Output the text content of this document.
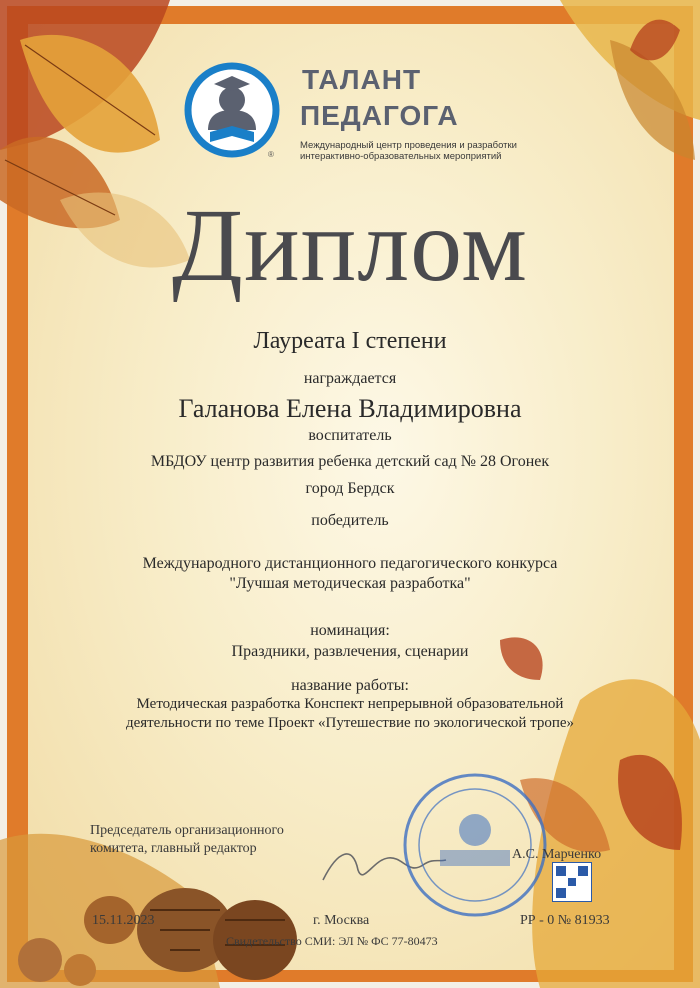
ТАЛАНТ
ПЕДАГОГА
®
Международный центр проведения и разработки интерактивно-образовательных мероприятий
Диплом
Лауреата I степени
награждается
Галанова Елена Владимировна
воспитатель
МБДОУ центр развития ребенка детский сад № 28 Огонек
город Бердск
победитель
Международного дистанционного педагогического конкурса
"Лучшая методическая разработка"
номинация:
Праздники, развлечения, сценарии
название работы:
Методическая разработка Конспект непрерывной образовательной
деятельности по теме Проект «Путешествие по экологической тропе»
Председатель организационного
комитета, главный редактор	А.С. Марченко
15.11.2023	г. Москва	РР - 0 № 81933
Свидетельство СМИ: ЭЛ № ФС 77-80473
